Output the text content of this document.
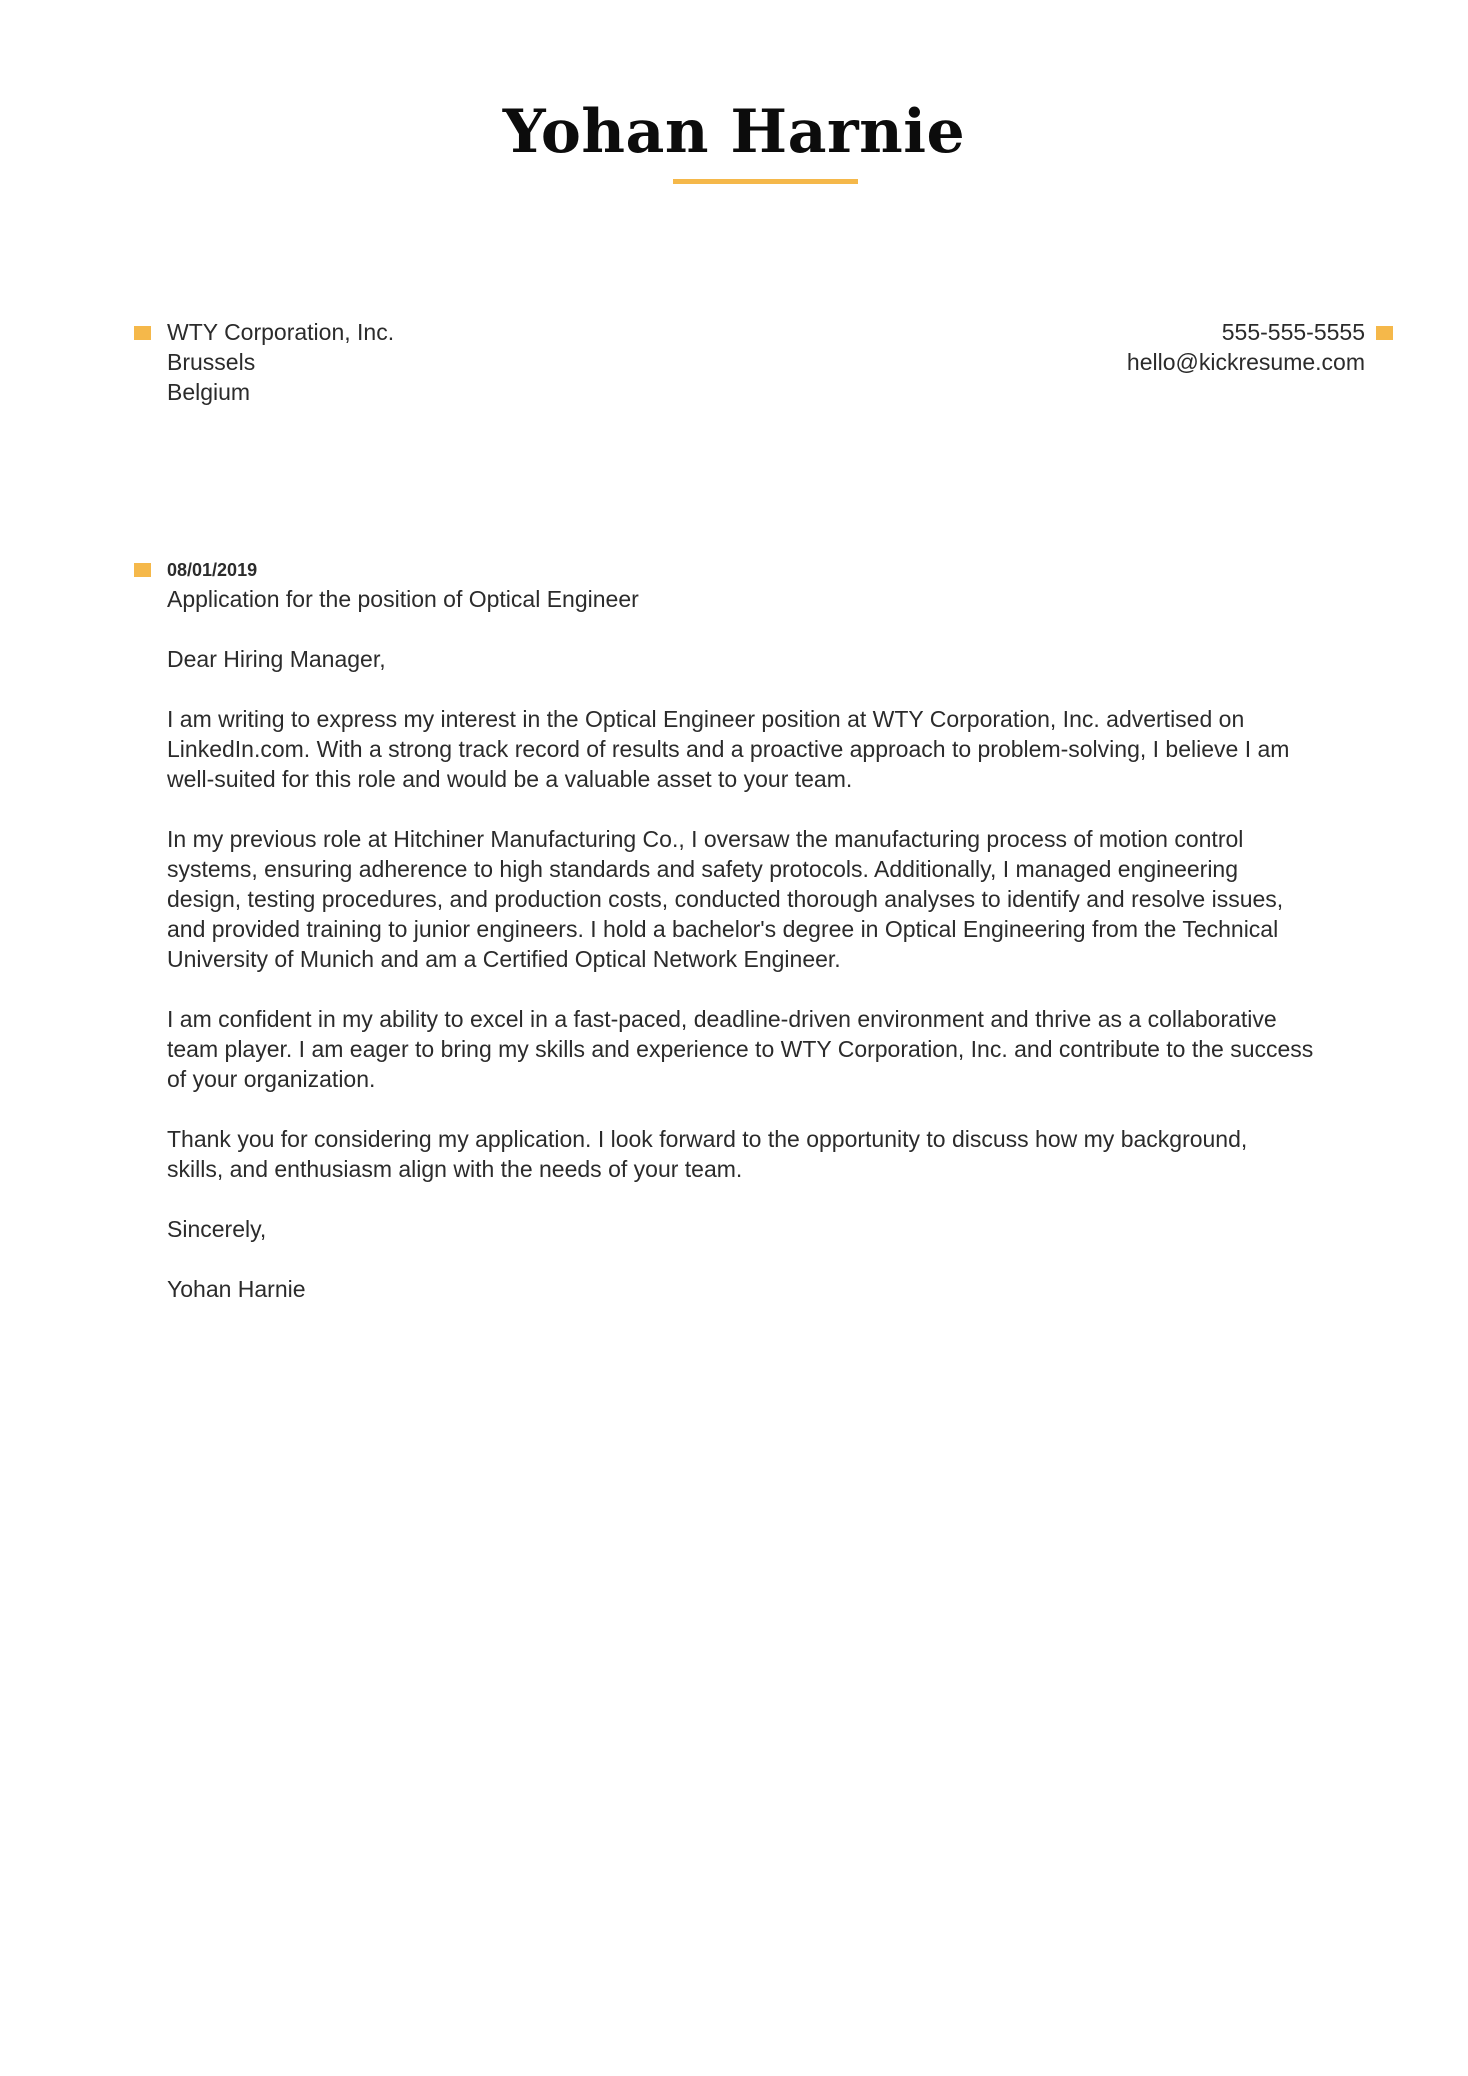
Yohan Harnie
WTY Corporation, Inc.
Brussels
Belgium
555-555-5555
hello@kickresume.com
08/01/2019
Application for the position of Optical Engineer
Dear Hiring Manager,
I am writing to express my interest in the Optical Engineer position at WTY Corporation, Inc. advertised on
LinkedIn.com. With a strong track record of results and a proactive approach to problem-solving, I believe I am
well-suited for this role and would be a valuable asset to your team.
In my previous role at Hitchiner Manufacturing Co., I oversaw the manufacturing process of motion control
systems, ensuring adherence to high standards and safety protocols. Additionally, I managed engineering
design, testing procedures, and production costs, conducted thorough analyses to identify and resolve issues,
and provided training to junior engineers. I hold a bachelor's degree in Optical Engineering from the Technical
University of Munich and am a Certified Optical Network Engineer.
I am confident in my ability to excel in a fast-paced, deadline-driven environment and thrive as a collaborative
team player. I am eager to bring my skills and experience to WTY Corporation, Inc. and contribute to the success
of your organization.
Thank you for considering my application. I look forward to the opportunity to discuss how my background,
skills, and enthusiasm align with the needs of your team.
Sincerely,
Yohan Harnie
